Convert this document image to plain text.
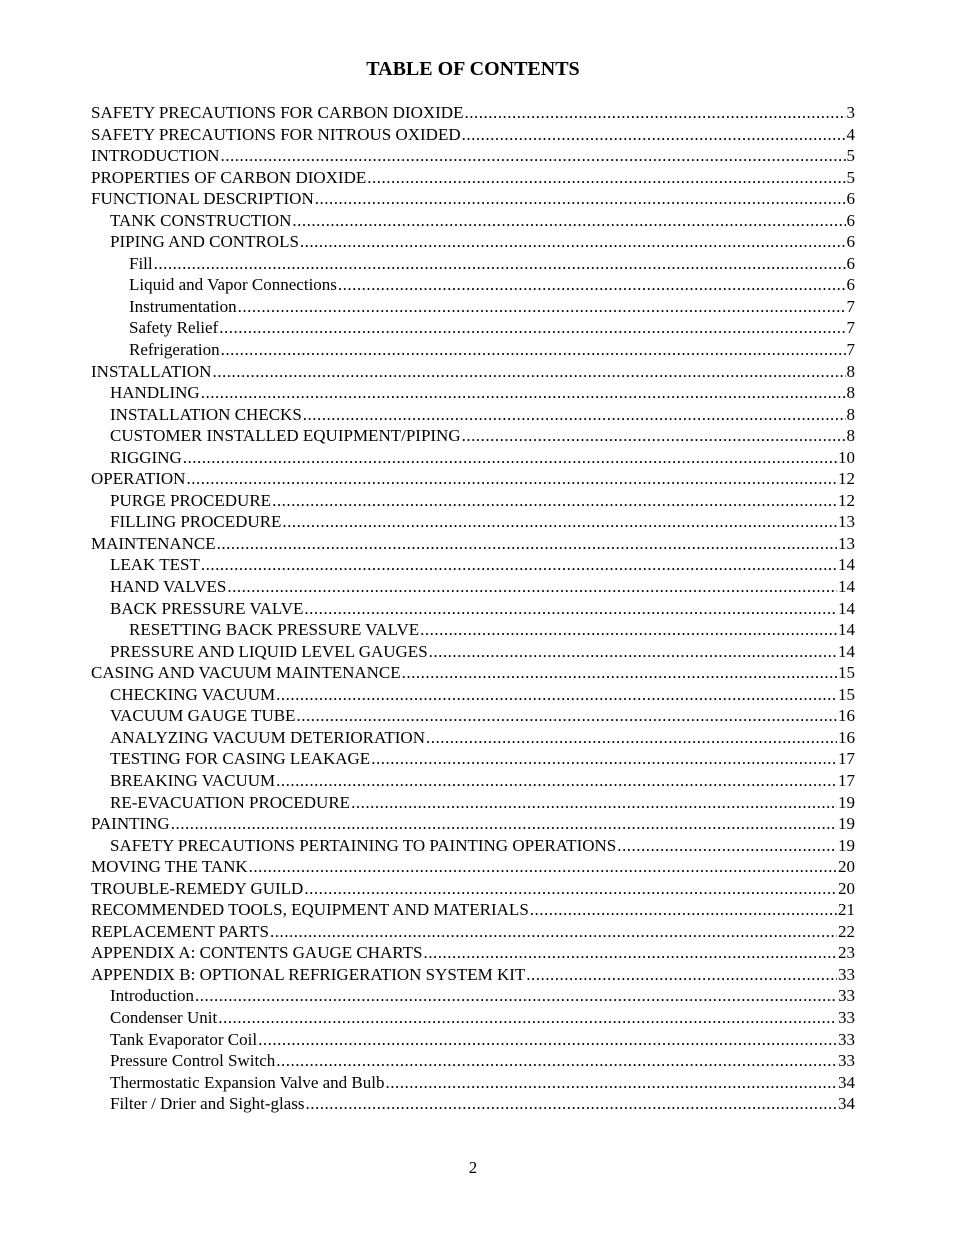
TABLE OF CONTENTS
SAFETY PRECAUTIONS FOR CARBON DIOXIDE .....	3
SAFETY PRECAUTIONS FOR NITROUS OXIDED .....	4
INTRODUCTION .....	5
PROPERTIES OF CARBON DIOXIDE .....	5
FUNCTIONAL DESCRIPTION .....	6
TANK CONSTRUCTION .....	6
PIPING AND CONTROLS .....	6
Fill .....	6
Liquid and Vapor Connections .....	6
Instrumentation .....	7
Safety Relief .....	7
Refrigeration .....	7
INSTALLATION .....	8
HANDLING .....	8
INSTALLATION CHECKS .....	8
CUSTOMER INSTALLED EQUIPMENT/PIPING .....	8
RIGGING .....	10
OPERATION .....	12
PURGE PROCEDURE .....	12
FILLING PROCEDURE .....	13
MAINTENANCE .....	13
LEAK TEST .....	14
HAND VALVES .....	14
BACK PRESSURE VALVE .....	14
RESETTING BACK PRESSURE VALVE .....	14
PRESSURE AND LIQUID LEVEL GAUGES .....	14
CASING AND VACUUM MAINTENANCE .....	15
CHECKING VACUUM .....	15
VACUUM GAUGE TUBE .....	16
ANALYZING VACUUM DETERIORATION .....	16
TESTING FOR CASING LEAKAGE .....	17
BREAKING VACUUM .....	17
RE-EVACUATION PROCEDURE .....	19
PAINTING .....	19
SAFETY PRECAUTIONS PERTAINING TO PAINTING OPERATIONS .....	19
MOVING THE TANK .....	20
TROUBLE-REMEDY GUILD .....	20
RECOMMENDED TOOLS, EQUIPMENT AND MATERIALS .....	21
REPLACEMENT PARTS .....	22
APPENDIX A: CONTENTS GAUGE CHARTS .....	23
APPENDIX B: OPTIONAL REFRIGERATION SYSTEM KIT .....	33
Introduction .....	33
Condenser Unit .....	33
Tank Evaporator Coil .....	33
Pressure Control Switch .....	33
Thermostatic Expansion Valve and Bulb .....	34
Filter / Drier and Sight-glass .....	34
2
